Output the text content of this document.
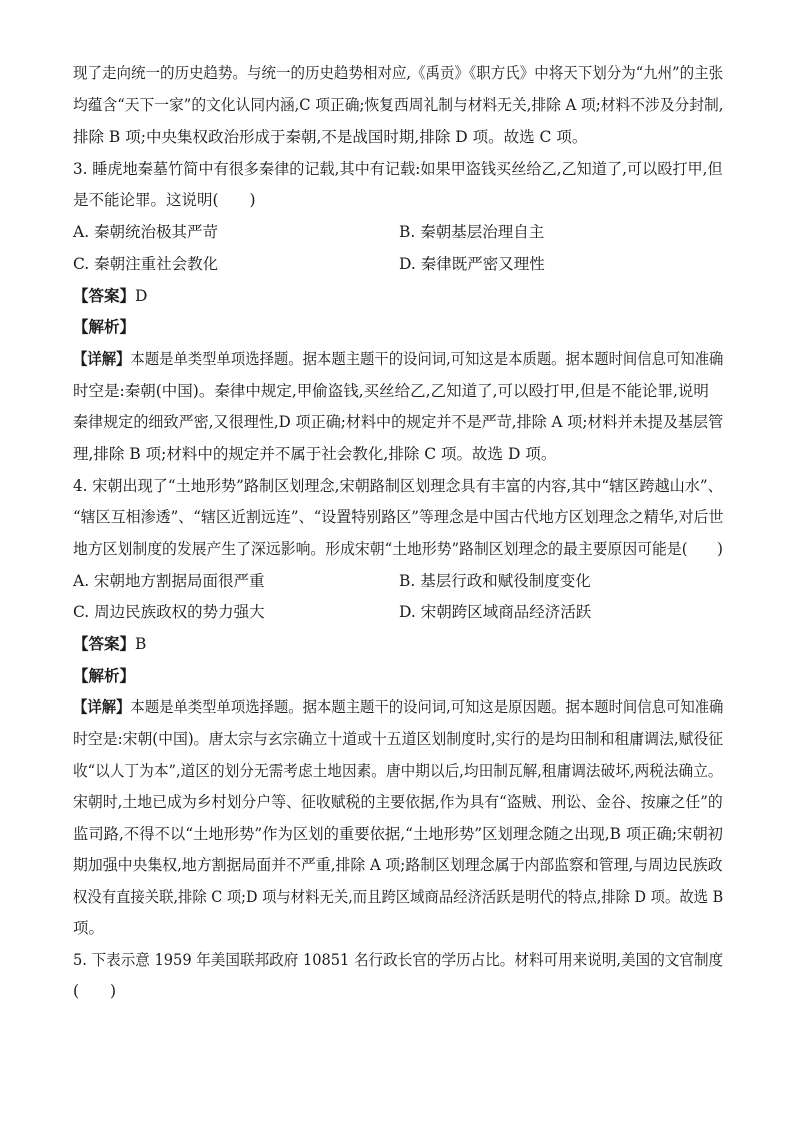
现了走向统一的历史趋势。与统一的历史趋势相对应,《禹贡》《职方氏》中将天下划分为“九州”的主张
均蕴含“天下一家”的文化认同内涵,C 项正确;恢复西周礼制与材料无关,排除 A 项;材料不涉及分封制,
排除 B 项;中央集权政治形成于秦朝,不是战国时期,排除 D 项。故选 C 项。
3. 睡虎地秦墓竹简中有很多秦律的记载,其中有记载:如果甲盗钱买丝给乙,乙知道了,可以殴打甲,但
是不能论罪。这说明(　　)
A. 秦朝统治极其严苛	B. 秦朝基层治理自主
C. 秦朝注重社会教化	D. 秦律既严密又理性
【答案】D
【解析】
【详解】本题是单类型单项选择题。据本题主题干的设问词,可知这是本质题。据本题时间信息可知准确
时空是:秦朝(中国)。秦律中规定,甲偷盗钱,买丝给乙,乙知道了,可以殴打甲,但是不能论罪,说明
秦律规定的细致严密,又很理性,D 项正确;材料中的规定并不是严苛,排除 A 项;材料并未提及基层管
理,排除 B 项;材料中的规定并不属于社会教化,排除 C 项。故选 D 项。
4. 宋朝出现了“土地形势”路制区划理念,宋朝路制区划理念具有丰富的内容,其中“辖区跨越山水”、
“辖区互相渗透”、“辖区近割远连”、“设置特别路区”等理念是中国古代地方区划理念之精华,对后世
地方区划制度的发展产生了深远影响。形成宋朝“土地形势”路制区划理念的最主要原因可能是(　　)
A. 宋朝地方割据局面很严重	B. 基层行政和赋役制度变化
C. 周边民族政权的势力强大	D. 宋朝跨区域商品经济活跃
【答案】B
【解析】
【详解】本题是单类型单项选择题。据本题主题干的设问词,可知这是原因题。据本题时间信息可知准确
时空是:宋朝(中国)。唐太宗与玄宗确立十道或十五道区划制度时,实行的是均田制和租庸调法,赋役征
收“以人丁为本”,道区的划分无需考虑土地因素。唐中期以后,均田制瓦解,租庸调法破坏,两税法确立。
宋朝时,土地已成为乡村划分户等、征收赋税的主要依据,作为具有“盗贼、刑讼、金谷、按廉之任”的
监司路,不得不以“土地形势”作为区划的重要依据,“土地形势”区划理念随之出现,B 项正确;宋朝初
期加强中央集权,地方割据局面并不严重,排除 A 项;路制区划理念属于内部监察和管理,与周边民族政
权没有直接关联,排除 C 项;D 项与材料无关,而且跨区域商品经济活跃是明代的特点,排除 D 项。故选 B
项。
5. 下表示意 1959 年美国联邦政府 10851 名行政长官的学历占比。材料可用来说明,美国的文官制度
(　　)
